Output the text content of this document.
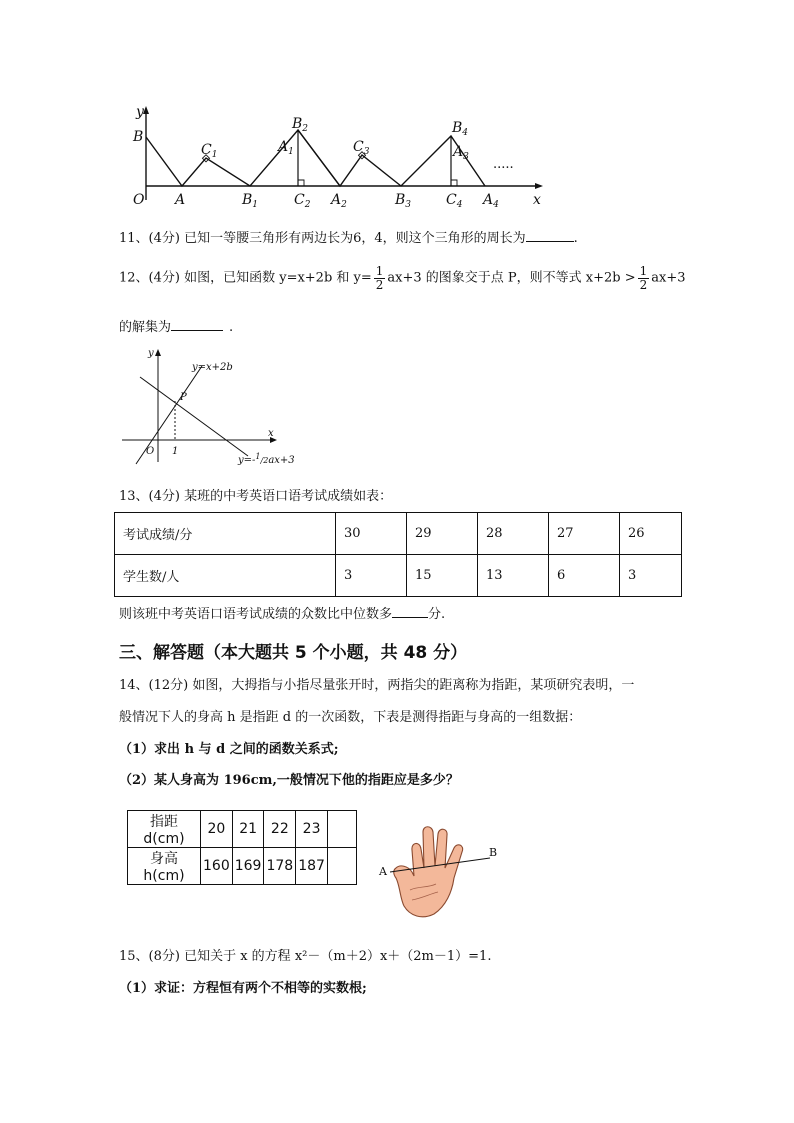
y
x
O
B
A
$C_1$
$B_1$
$A_1$
$B_2$
$C_2$
$C_3$
$A_2$	$B_3$
$B_4$
$A_3$
$C_4$ $A_4$
.....
11、(4分) 已知一等腰三角形有两边长为6，4，则这个三角形的周长为	.
12、(4分) 如图，已知函数 y=x+2b 和 $y= \frac{1}{2} ax+3$ 的图象交于点 P，则不等式 $x+2b > \frac{1}{2} ax+3$
的解集为	.
y
x
O 1
P
y=x+2b
y=-$^1_/$2ax+3
13、(4分) 某班的中考英语口语考试成绩如表：
考试成绩/分	30	29	28	27	26
学生数/人	3	15	13	6	3
则该班中考英语口语考试成绩的众数比中位数多	分.
三、解答题（本大题共 5 个小题，共 48 分）
14、(12分) 如图，大拇指与小指尽量张开时，两指尖的距离称为指距，某项研究表明，一
般情况下人的身高 h 是指距 d 的一次函数，下表是测得指距与身高的一组数据：
（1）求出 h 与 d 之间的函数关系式;
（2）某人身高为 196cm,一般情况下他的指距应是多少？
指距d(cm)	20	21	22	23	
身高h(cm)	160	169	178	187		A
B
15、(8分) 已知关于 x 的方程 x²－（m＋2）x＋（2m－1）=1.
（1）求证：方程恒有两个不相等的实数根;
